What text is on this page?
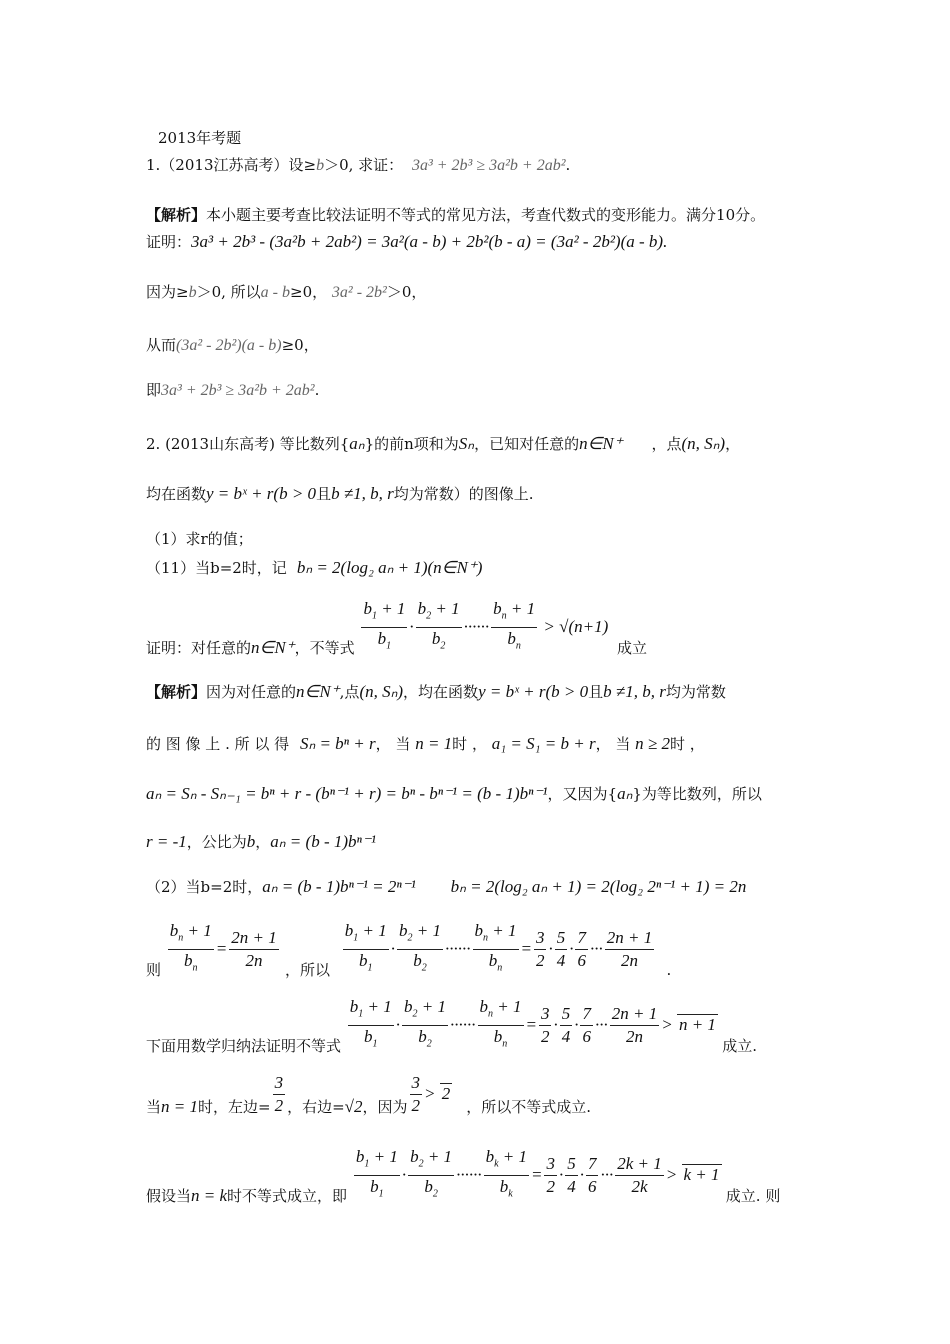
2013年考题
1.（2013江苏高考）设≥b＞0, 求证： 3a³ + 2b³ ≥ 3a²b + 2ab².
【解析】本小题主要考查比较法证明不等式的常见方法，考查代数式的变形能力。满分10分。
证明：3a³ + 2b³ - (3a²b + 2ab²) = 3a²(a - b) + 2b²(b - a) = (3a² - 2b²)(a - b).
因为≥b＞0, 所以a - b≥0， 3a² - 2b²＞0，
从而(3a² - 2b²)(a - b)≥0，
即3a³ + 2b³ ≥ 3a²b + 2ab².
2. (2013山东高考) 等比数列{aₙ}的前n项和为Sₙ，已知对任意的n∈N⁺ ，点(n, Sₙ)，
均在函数y = bˣ + r(b > 0且b ≠1, b, r均为常数）的图像上.
（1）求r的值；
（11）当b=2时，记 bₙ = 2(log₂ aₙ + 1)(n∈N⁺)
证明：对任意的n∈N⁺，不等式 $\frac{b_1 + 1}{b_1} \cdot \frac{b_2 + 1}{b_2}$ ······ $\frac{b_n + 1}{b_n} > √(n+1)$ 成立
【解析】因为对任意的n∈N⁺,点(n, Sₙ)，均在函数y = bˣ + r(b > 0且b ≠1, b, r均为常数
的 图 像 上 . 所 以 得 Sₙ = bⁿ + r， 当 n = 1时 ， a₁ = S₁ = b + r， 当 n ≥ 2时 ，
aₙ = Sₙ - Sₙ₋₁ = bⁿ + r - (bⁿ⁻¹ + r) = bⁿ - bⁿ⁻¹ = (b - 1)bⁿ⁻¹，又因为{aₙ}为等比数列，所以
r = -1，公比为b，aₙ = (b - 1)bⁿ⁻¹
（2）当b=2时，aₙ = (b - 1)bⁿ⁻¹ = 2ⁿ⁻¹ bₙ = 2(log₂ aₙ + 1) = 2(log₂ 2ⁿ⁻¹ + 1) = 2n
则 $\frac{b_n + 1}{b_n} = \frac{2n + 1}{2n}$ ，所以 $\frac{b_1 + 1}{b_1} \cdot \frac{b_2 + 1}{b_2}$ ······ $\frac{b_n + 1}{b_n} = \frac{3}{2} \cdot \frac{5}{4} \cdot \frac{7}{6}$ ··· $\frac{2n + 1}{2n}$ .
下面用数学归纳法证明不等式 $\frac{b_1 + 1}{b_1} \cdot \frac{b_2 + 1}{b_2}$ ······ $\frac{b_n + 1}{b_n} = \frac{3}{2} \cdot \frac{5}{4} \cdot \frac{7}{6}$ ··· $\frac{2n + 1}{2n} > n + 1$ 成立.
当n = 1时，左边= $\frac{3}{2}$ ，右边=√2，因为 $\frac{3}{2} > 2$，所以不等式成立.
假设当n = k时不等式成立，即 $\frac{b_1 + 1}{b_1} \cdot \frac{b_2 + 1}{b_2}$ ······ $\frac{b_k + 1}{b_k} = \frac{3}{2} \cdot \frac{5}{4} \cdot \frac{7}{6}$ ··· $\frac{2k + 1}{2k} > k + 1$ 成立. 则
